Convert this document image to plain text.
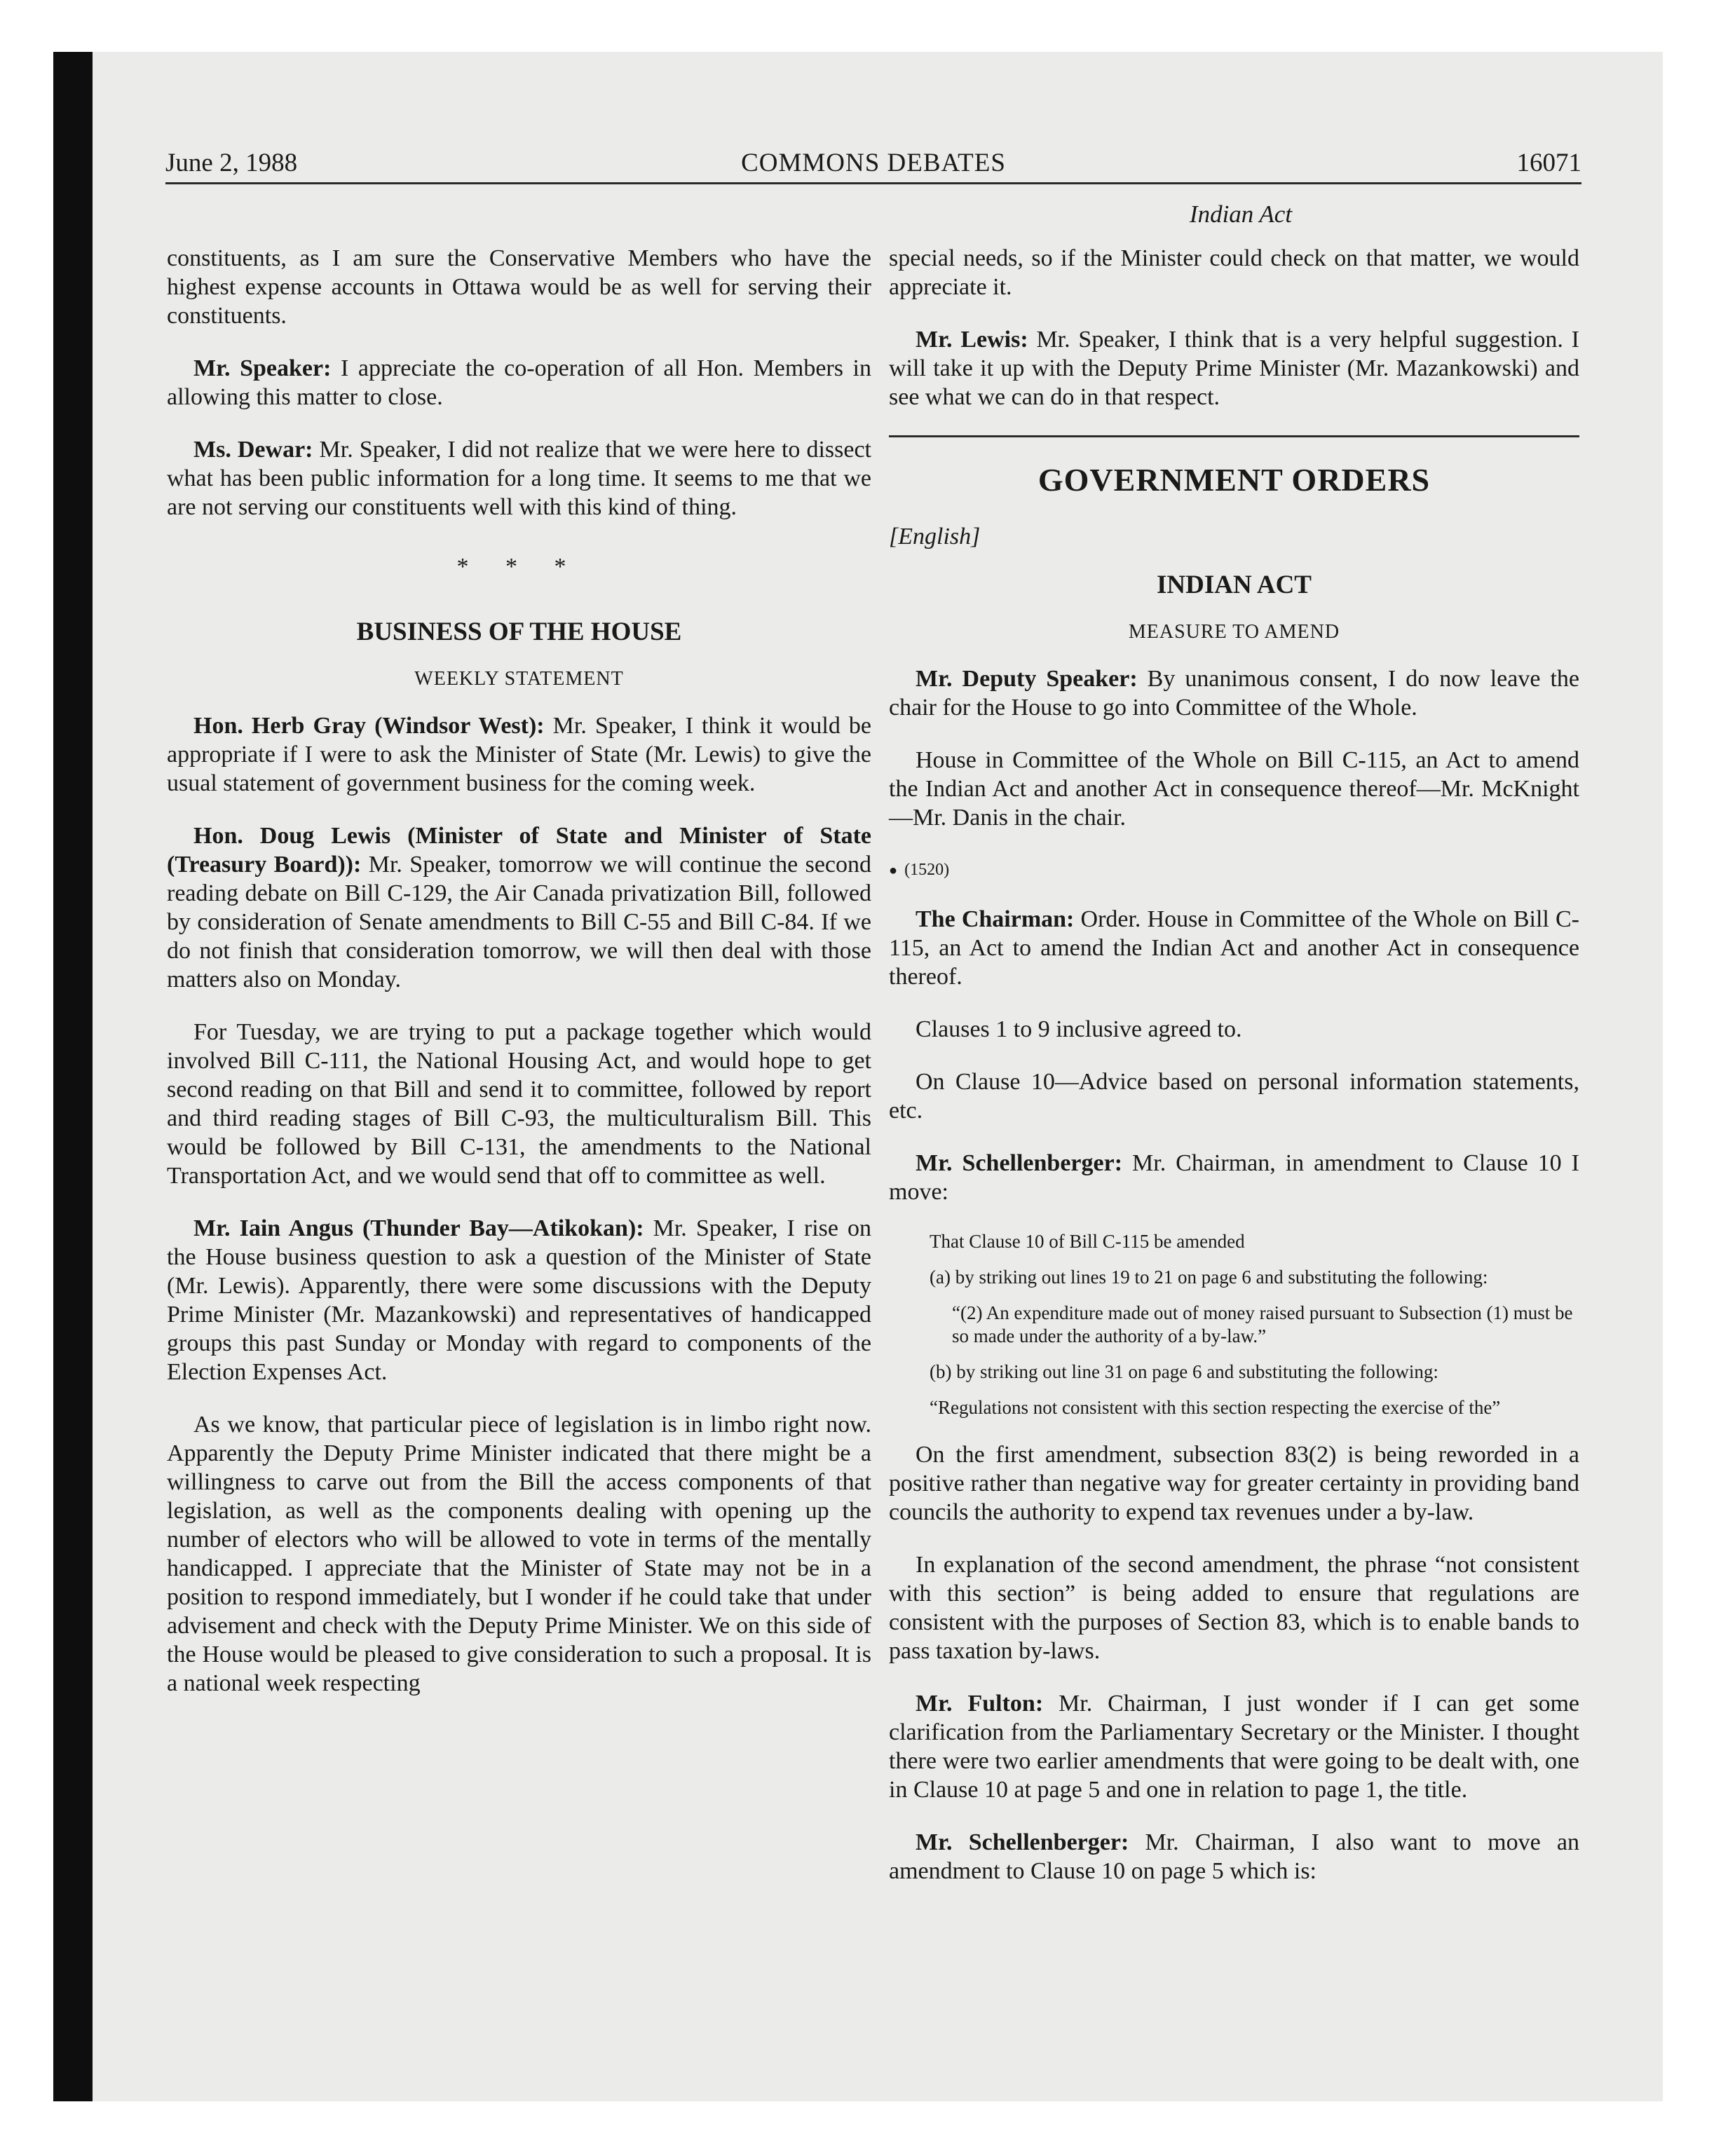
June 2, 1988	COMMONS DEBATES	16071
Indian Act

constituents, as I am sure the Conservative Members who have the highest expense accounts in Ottawa would be as well for serving their constituents.

Mr. Speaker: I appreciate the co-operation of all Hon. Members in allowing this matter to close.

Ms. Dewar: Mr. Speaker, I did not realize that we were here to dissect what has been public information for a long time. It seems to me that we are not serving our constituents well with this kind of thing.

* * *
BUSINESS OF THE HOUSE
WEEKLY STATEMENT

Hon. Herb Gray (Windsor West): Mr. Speaker, I think it would be appropriate if I were to ask the Minister of State (Mr. Lewis) to give the usual statement of government business for the coming week.

Hon. Doug Lewis (Minister of State and Minister of State (Treasury Board)): Mr. Speaker, tomorrow we will continue the second reading debate on Bill C-129, the Air Canada privatization Bill, followed by consideration of Senate amendments to Bill C-55 and Bill C-84. If we do not finish that consideration tomorrow, we will then deal with those matters also on Monday.

For Tuesday, we are trying to put a package together which would involved Bill C-111, the National Housing Act, and would hope to get second reading on that Bill and send it to committee, followed by report and third reading stages of Bill C-93, the multiculturalism Bill. This would be followed by Bill C-131, the amendments to the National Transportation Act, and we would send that off to committee as well.

Mr. Iain Angus (Thunder Bay—Atikokan): Mr. Speaker, I rise on the House business question to ask a question of the Minister of State (Mr. Lewis). Apparently, there were some discussions with the Deputy Prime Minister (Mr. Mazankowski) and representatives of handicapped groups this past Sunday or Monday with regard to components of the Election Expenses Act.

As we know, that particular piece of legislation is in limbo right now. Apparently the Deputy Prime Minister indicated that there might be a willingness to carve out from the Bill the access components of that legislation, as well as the components dealing with opening up the number of electors who will be allowed to vote in terms of the mentally handicapped. I appreciate that the Minister of State may not be in a position to respond immediately, but I wonder if he could take that under advisement and check with the Deputy Prime Minister. We on this side of the House would be pleased to give consideration to such a proposal. It is a national week respecting

special needs, so if the Minister could check on that matter, we would appreciate it.

Mr. Lewis: Mr. Speaker, I think that is a very helpful suggestion. I will take it up with the Deputy Prime Minister (Mr. Mazankowski) and see what we can do in that respect.

GOVERNMENT ORDERS
[English]
INDIAN ACT
MEASURE TO AMEND

Mr. Deputy Speaker: By unanimous consent, I do now leave the chair for the House to go into Committee of the Whole.

House in Committee of the Whole on Bill C-115, an Act to amend the Indian Act and another Act in consequence thereof—Mr. McKnight—Mr. Danis in the chair.

● (1520)

The Chairman: Order. House in Committee of the Whole on Bill C-115, an Act to amend the Indian Act and another Act in consequence thereof.

Clauses 1 to 9 inclusive agreed to.

On Clause 10—Advice based on personal information statements, etc.

Mr. Schellenberger: Mr. Chairman, in amendment to Clause 10 I move:

That Clause 10 of Bill C-115 be amended
(a) by striking out lines 19 to 21 on page 6 and substituting the following:
“(2) An expenditure made out of money raised pursuant to Subsection (1) must be so made under the authority of a by-law.”
(b) by striking out line 31 on page 6 and substituting the following:
“Regulations not consistent with this section respecting the exercise of the”

On the first amendment, subsection 83(2) is being reworded in a positive rather than negative way for greater certainty in providing band councils the authority to expend tax revenues under a by-law.

In explanation of the second amendment, the phrase “not consistent with this section” is being added to ensure that regulations are consistent with the purposes of Section 83, which is to enable bands to pass taxation by-laws.

Mr. Fulton: Mr. Chairman, I just wonder if I can get some clarification from the Parliamentary Secretary or the Minister. I thought there were two earlier amendments that were going to be dealt with, one in Clause 10 at page 5 and one in relation to page 1, the title.

Mr. Schellenberger: Mr. Chairman, I also want to move an amendment to Clause 10 on page 5 which is:
